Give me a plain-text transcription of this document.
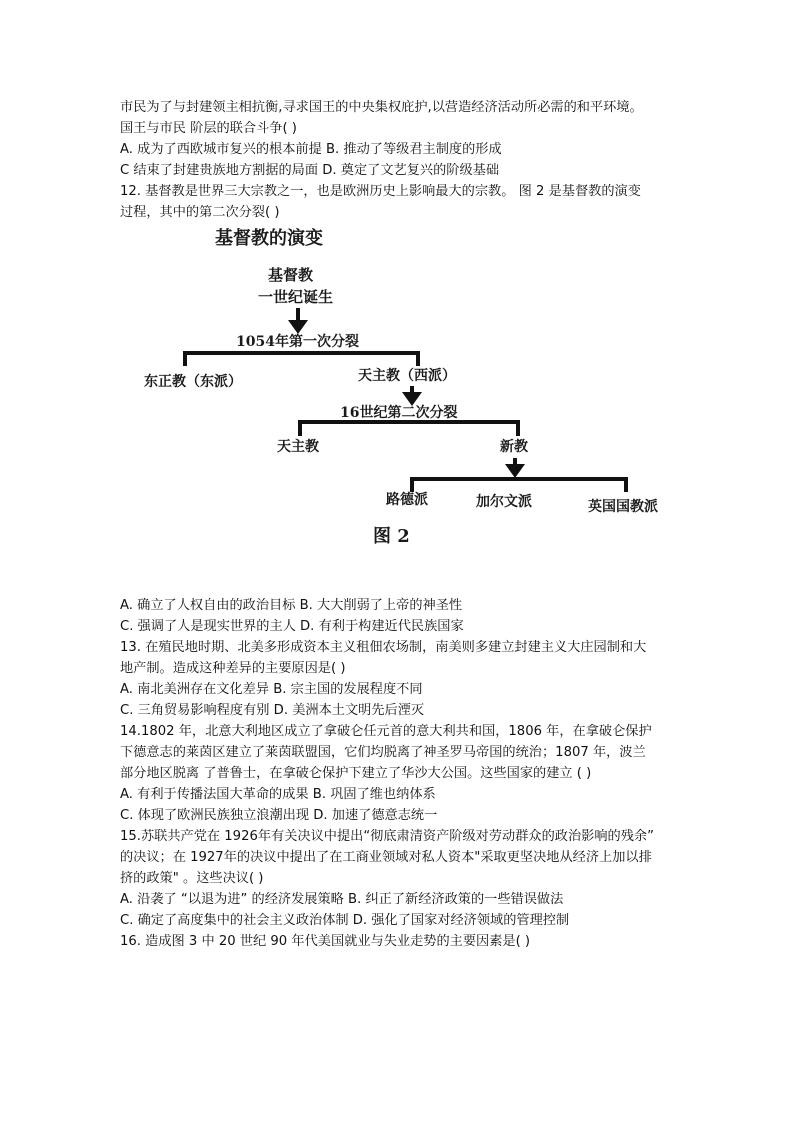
市民为了与封建领主相抗衡,寻求国王的中央集权庇护,以营造经济活动所必需的和平环境。
国王与市民 阶层的联合斗争( )
A. 成为了西欧城市复兴的根本前提 B. 推动了等级君主制度的形成
C 结束了封建贵族地方割据的局面 D. 奠定了文艺复兴的阶级基础
12. 基督教是世界三大宗教之一，也是欧洲历史上影响最大的宗教。 图 2 是基督教的演变
过程，其中的第二次分裂( )
基督教的演变
基督教
一世纪诞生
1054年第一次分裂
东正教（东派）	天主教（西派）
16世纪第二次分裂
天主教	新教
路德派	加尔文派	英国国教派
图 2
A. 确立了人权自由的政治目标 B. 大大削弱了上帝的神圣性
C. 强调了人是现实世界的主人 D. 有利于构建近代民族国家
13. 在殖民地时期、北美多形成资本主义租佃农场制，南美则多建立封建主义大庄园制和大
地产制。造成这种差异的主要原因是( )
A. 南北美洲存在文化差异 B. 宗主国的发展程度不同
C. 三角贸易影响程度有别 D. 美洲本土文明先后湮灭
14.1802 年，北意大利地区成立了拿破仑任元首的意大利共和国，1806 年，在拿破仑保护
下德意志的莱茵区建立了莱茵联盟国，它们均脱离了神圣罗马帝国的统治；1807 年，波兰
部分地区脱离 了普鲁士，在拿破仑保护下建立了华沙大公国。这些国家的建立 ( )
A. 有利于传播法国大革命的成果 B. 巩固了维也纳体系
C. 体现了欧洲民族独立浪潮出现 D. 加速了德意志统一
15.苏联共产党在 1926年有关决议中提出“彻底肃清资产阶级对劳动群众的政治影响的残余”
的决议；在 1927年的决议中提出了在工商业领域对私人资本"采取更坚决地从经济上加以排
挤的政策" 。这些决议( )
A. 沿袭了 “以退为进” 的经济发展策略 B. 纠正了新经济政策的一些错误做法
C. 确定了高度集中的社会主义政治体制 D. 强化了国家对经济领域的管理控制
16. 造成图 3 中 20 世纪 90 年代美国就业与失业走势的主要因素是( )
